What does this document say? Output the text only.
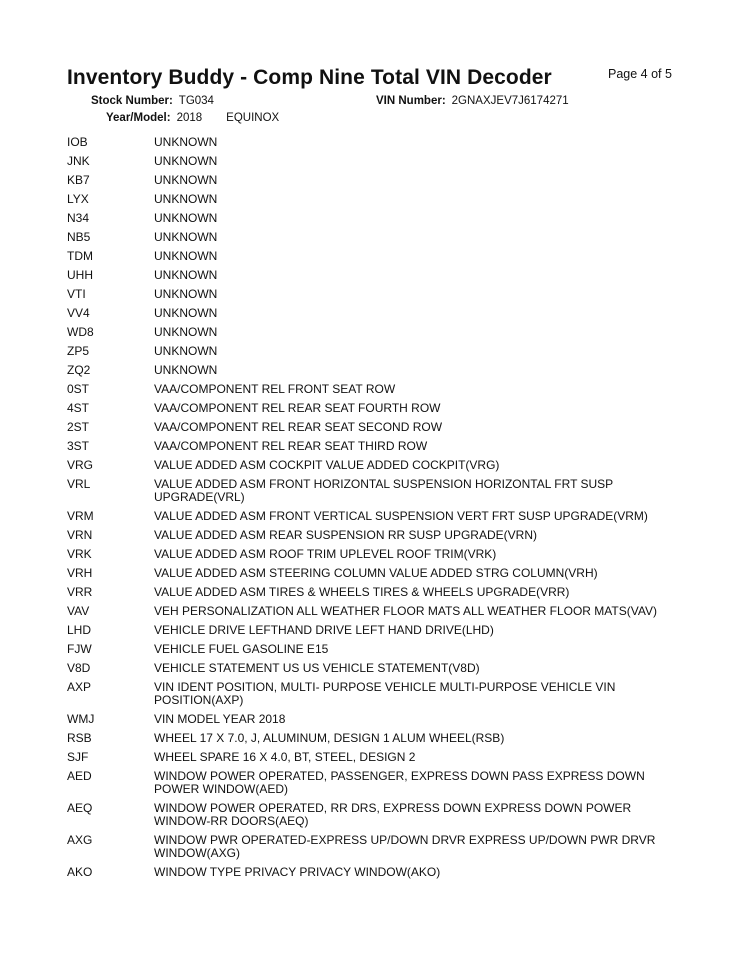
Inventory Buddy - Comp Nine Total VIN Decoder	Page 4 of 5
Stock Number: TG034	VIN Number: 2GNAXJEV7J6174271
Year/Model: 2018 EQUINOX
IOB	UNKNOWN
JNK	UNKNOWN
KB7	UNKNOWN
LYX	UNKNOWN
N34	UNKNOWN
NB5	UNKNOWN
TDM	UNKNOWN
UHH	UNKNOWN
VTI	UNKNOWN
VV4	UNKNOWN
WD8	UNKNOWN
ZP5	UNKNOWN
ZQ2	UNKNOWN
0ST	VAA/COMPONENT REL FRONT SEAT ROW
4ST	VAA/COMPONENT REL REAR SEAT FOURTH ROW
2ST	VAA/COMPONENT REL REAR SEAT SECOND ROW
3ST	VAA/COMPONENT REL REAR SEAT THIRD ROW
VRG	VALUE ADDED ASM COCKPIT VALUE ADDED COCKPIT(VRG)
VRL	VALUE ADDED ASM FRONT HORIZONTAL SUSPENSION HORIZONTAL FRT SUSP UPGRADE(VRL)
VRM	VALUE ADDED ASM FRONT VERTICAL SUSPENSION VERT FRT SUSP UPGRADE(VRM)
VRN	VALUE ADDED ASM REAR SUSPENSION RR SUSP UPGRADE(VRN)
VRK	VALUE ADDED ASM ROOF TRIM UPLEVEL ROOF TRIM(VRK)
VRH	VALUE ADDED ASM STEERING COLUMN VALUE ADDED STRG COLUMN(VRH)
VRR	VALUE ADDED ASM TIRES & WHEELS TIRES & WHEELS UPGRADE(VRR)
VAV	VEH PERSONALIZATION ALL WEATHER FLOOR MATS ALL WEATHER FLOOR MATS(VAV)
LHD	VEHICLE DRIVE LEFTHAND DRIVE LEFT HAND DRIVE(LHD)
FJW	VEHICLE FUEL GASOLINE E15
V8D	VEHICLE STATEMENT US US VEHICLE STATEMENT(V8D)
AXP	VIN IDENT POSITION, MULTI- PURPOSE VEHICLE MULTI-PURPOSE VEHICLE VIN POSITION(AXP)
WMJ	VIN MODEL YEAR 2018
RSB	WHEEL 17 X 7.0, J, ALUMINUM, DESIGN 1 ALUM WHEEL(RSB)
SJF	WHEEL SPARE 16 X 4.0, BT, STEEL, DESIGN 2
AED	WINDOW POWER OPERATED, PASSENGER, EXPRESS DOWN PASS EXPRESS DOWN POWER WINDOW(AED)
AEQ	WINDOW POWER OPERATED, RR DRS, EXPRESS DOWN EXPRESS DOWN POWER WINDOW-RR DOORS(AEQ)
AXG	WINDOW PWR OPERATED-EXPRESS UP/DOWN DRVR EXPRESS UP/DOWN PWR DRVR WINDOW(AXG)
AKO	WINDOW TYPE PRIVACY PRIVACY WINDOW(AKO)
